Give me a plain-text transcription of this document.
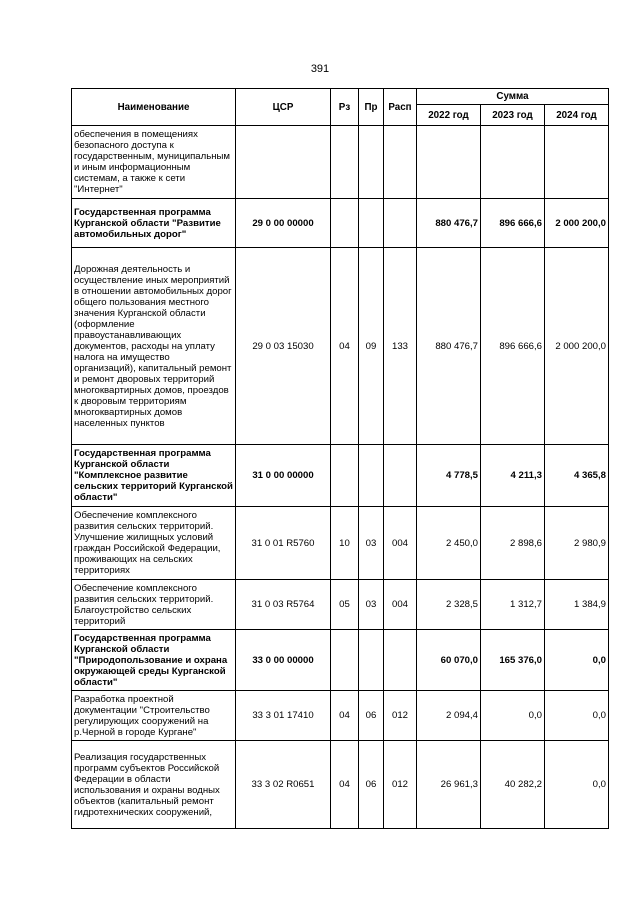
391
Наименование	ЦСР	Рз	Пр	Расп	Сумма		
					2022 год	2023 год	2024 год
обеспечения в помещениях безопасного доступа к государственным, муниципальным и иным информационным системам, а также к сети "Интернет"							
Государственная программа Курганской области "Развитие автомобильных дорог"	29 0 00 00000				880 476,7	896 666,6	2 000 200,0
Дорожная деятельность и осуществление иных мероприятий в отношении автомобильных дорог общего пользования местного значения Курганской области (оформление правоустанавливающих документов, расходы на уплату налога на имущество организаций), капитальный ремонт и ремонт дворовых территорий многоквартирных домов, проездов к дворовым территориям многоквартирных домов населенных пунктов	29 0 03 15030	04	09	133	880 476,7	896 666,6	2 000 200,0
Государственная программа Курганской области "Комплексное развитие сельских территорий Курганской области"	31 0 00 00000				4 778,5	4 211,3	4 365,8
Обеспечение комплексного развития сельских территорий. Улучшение жилищных условий граждан Российской Федерации, проживающих на сельских территориях	31 0 01 R5760	10	03	004	2 450,0	2 898,6	2 980,9
Обеспечение комплексного развития сельских территорий. Благоустройство сельских территорий	31 0 03 R5764	05	03	004	2 328,5	1 312,7	1 384,9
Государственная программа Курганской области "Природопользование и охрана окружающей среды Курганской области"	33 0 00 00000				60 070,0	165 376,0	0,0
Разработка проектной документации "Строительство регулирующих сооружений на р.Черной в городе Кургане"	33 3 01 17410	04	06	012	2 094,4	0,0	0,0
Реализация государственных программ субъектов Российской Федерации в области использования и охраны водных объектов (капитальный ремонт гидротехнических сооружений,	33 3 02 R0651	04	06	012	26 961,3	40 282,2	0,0
